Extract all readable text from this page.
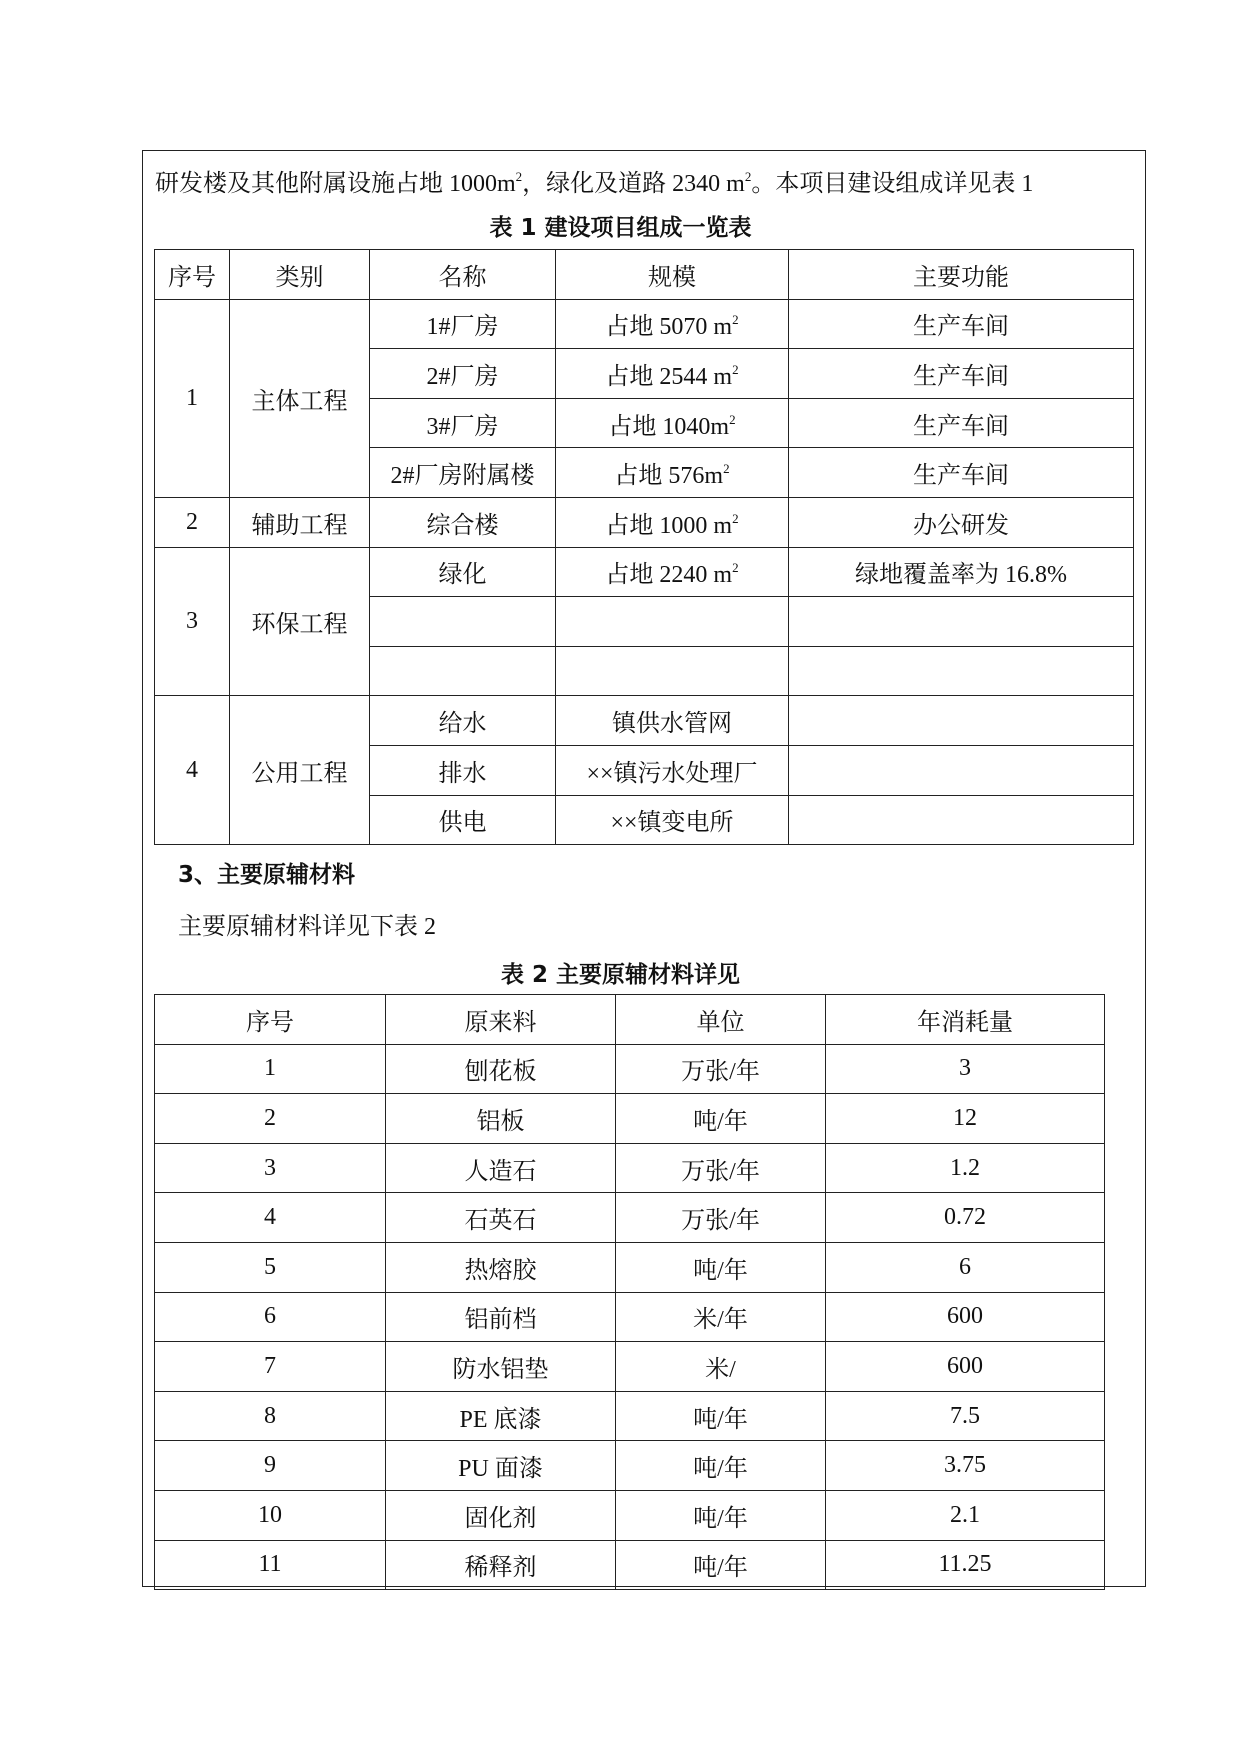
研发楼及其他附属设施占地 $1000m^2$，绿化及道路 2340 $m^2$。本项目建设组成详见表 1
表 1 建设项目组成一览表
序号	类别	名称	规模	主要功能
1	主体工程	1#厂房	占地 5070 $m^2$	生产车间
		2#厂房	占地 2544 $m^2$	生产车间
		3#厂房	占地 $1040m^2$	生产车间
		2#厂房附属楼	占地 $576m^2$	生产车间
2	辅助工程	综合楼	占地 1000 $m^2$	办公研发
3	环保工程	绿化	占地 2240 $m^2$	绿地覆盖率为 16.8%

4	公用工程	给水	镇供水管网	
		排水	××镇污水处理厂	
		供电	××镇变电所	
3、主要原辅材料
主要原辅材料详见下表 2
表 2 主要原辅材料详见
序号	原来料	单位	年消耗量
1	刨花板	万张/年	3
2	铝板	吨/年	12
3	人造石	万张/年	1.2
4	石英石	万张/年	0.72
5	热熔胶	吨/年	6
6	铝前档	米/年	600
7	防水铝垫	米/	600
8	PE 底漆	吨/年	7.5
9	PU 面漆	吨/年	3.75
10	固化剂	吨/年	2.1
11	稀释剂	吨/年	11.25
